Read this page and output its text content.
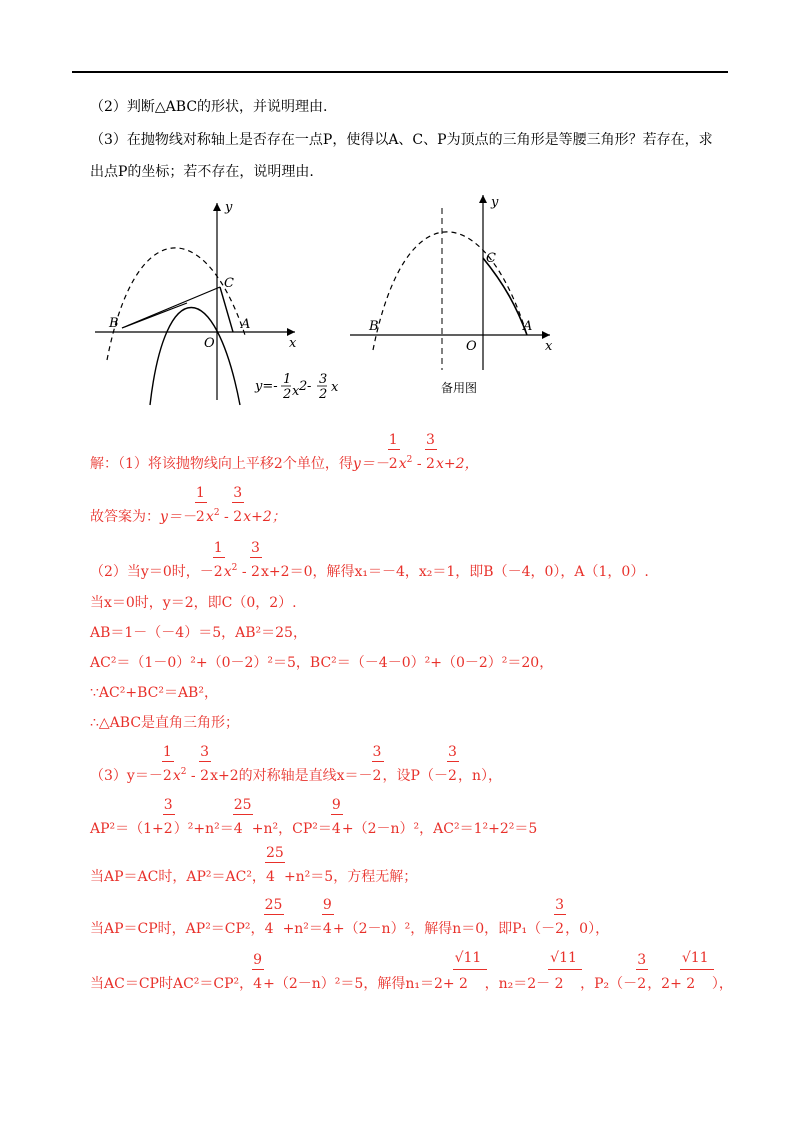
（2）判断△ABC的形状，并说明理由.
（3）在抛物线对称轴上是否存在一点P，使得以A、C、P为顶点的三角形是等腰三角形？若存在，求
出点P的坐标；若不存在，说明理由.
y
x
B
C
O
A
y=- 1
2 x 2 - 3
2 x
y
x
B
C
O
A
备用图
解：（1）将该抛物线向上平移2个单位，得$y=- \frac{1}{2}x^2 - \frac{3}{2}x+2$，
故答案为：$y=- \frac{1}{2}x^2 - \frac{3}{2}x+2$；
（2）当y＝0时，－ $\frac{1}{2}x^2 - \frac{3}{2}x+2=0$，解得x₁＝－4，x₂＝1，即B（－4，0），A（1，0）.
当x＝0时，y＝2，即C（0，2）.
AB＝1－（－4）＝5，AB²＝25，
AC²＝（1－0）²+（0－2）²＝5，BC²＝（－4－0）²+（0－2）²＝20，
∵AC²+BC²＝AB²，
∴△ABC是直角三角形；
$(3)y=- \frac{1}{2}x^2 - \frac{3}{2}x+2$的对称轴是直线$x=- \frac{3}{2}$，设$P(- \frac{3}{2}$，n），
$AP^2=(1+ \frac{3}{2})^2+n^2= \frac{25}{4}+n^2$，$CP^2= \frac{9}{4}+(2-n)^2$，AC²＝1²+2²＝5
当AP＝AC时，AP²＝AC²， $\frac{25}{4}+n^2=5$，方程无解；
当AP＝CP时，AP²＝CP²， $\frac{25}{4}+n^2= \frac{9}{4}+(2-n)^2$，解得n＝0，即$P_1(- \frac{3}{2}$，0），
当AC＝CP时AC²＝CP²， $\frac{9}{4}+(2-n)^2=5$，解得$n_1=2+ \frac{√11}{2}$，$n_2=2- \frac{√11}{2}$，$P_2(- \frac{3}{2}$，$2+ \frac{√11}{2}$），
